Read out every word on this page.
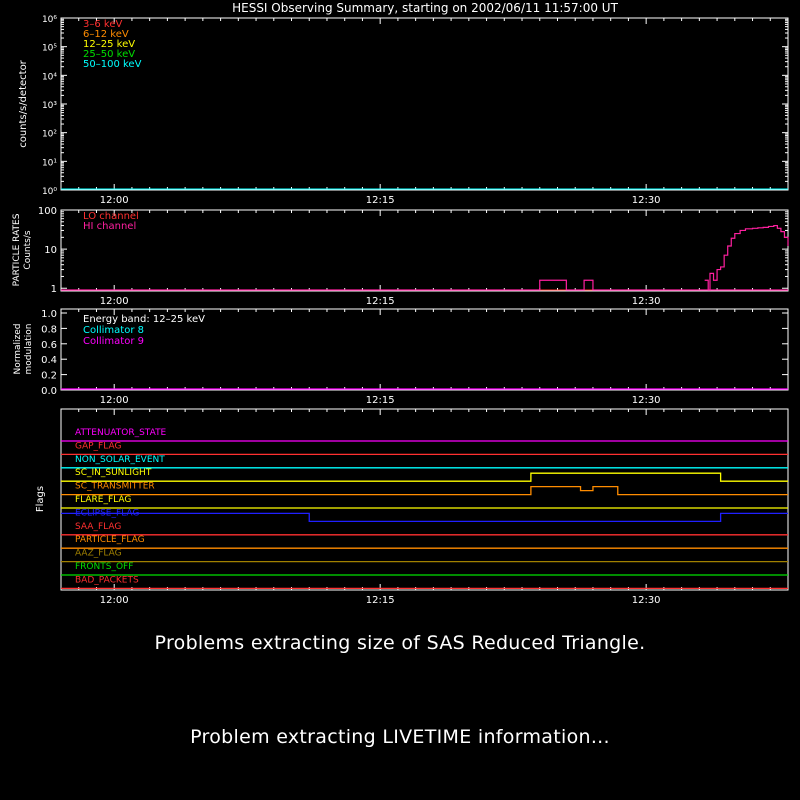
HESSI Observing Summary, starting on 2002/06/11 11:57:00 UT
12:00	12:15	12:30
10⁰
10¹
10²
10³
10⁴
10⁵
10⁶
counts/s/detector
3–6 keV
6–12 keV
12–25 keV
25–50 keV
50–100 keV
12:00	12:15	12:30
1
10
100
PARTICLE RATES Counts/s
LO channel
HI channel
12:00	12:15	12:30
0.0
0.2
0.4
0.6
0.8
1.0
Normalized modulation
Energy band: 12–25 keV
Collimator 8
Collimator 9
12:00	12:15	12:30
Flags
ATTENUATOR_STATE
GAP_FLAG
NON_SOLAR_EVENT
SC_IN_SUNLIGHT
SC_TRANSMITTER
FLARE_FLAG
ECLIPSE_FLAG
SAA_FLAG
PARTICLE_FLAG
AAZ_FLAG
FRONTS_OFF
BAD_PACKETS
Problems extracting size of SAS Reduced Triangle.
Problem extracting LIVETIME information...
